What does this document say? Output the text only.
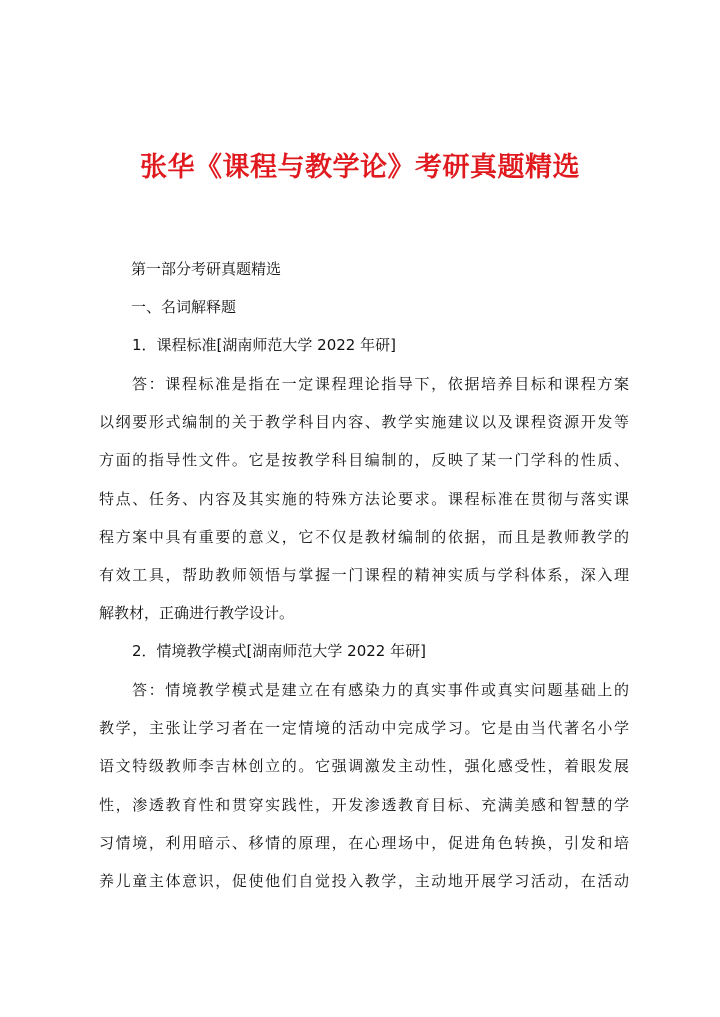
张华《课程与教学论》考研真题精选

第一部分考研真题精选

一、名词解释题

1．课程标准[湖南师范大学 2022 年研]

答：课程标准是指在一定课程理论指导下，依据培养目标和课程方案

以纲要形式编制的关于教学科目内容、教学实施建议以及课程资源开发等

方面的指导性文件。它是按教学科目编制的，反映了某一门学科的性质、

特点、任务、内容及其实施的特殊方法论要求。课程标准在贯彻与落实课

程方案中具有重要的意义，它不仅是教材编制的依据，而且是教师教学的

有效工具，帮助教师领悟与掌握一门课程的精神实质与学科体系，深入理

解教材，正确进行教学设计。

2．情境教学模式[湖南师范大学 2022 年研]

答：情境教学模式是建立在有感染力的真实事件或真实问题基础上的

教学，主张让学习者在一定情境的活动中完成学习。它是由当代著名小学

语文特级教师李吉林创立的。它强调激发主动性，强化感受性，着眼发展

性，渗透教育性和贯穿实践性，开发渗透教育目标、充满美感和智慧的学

习情境，利用暗示、移情的原理，在心理场中，促进角色转换，引发和培

养儿童主体意识，促使他们自觉投入教学，主动地开展学习活动，在活动
